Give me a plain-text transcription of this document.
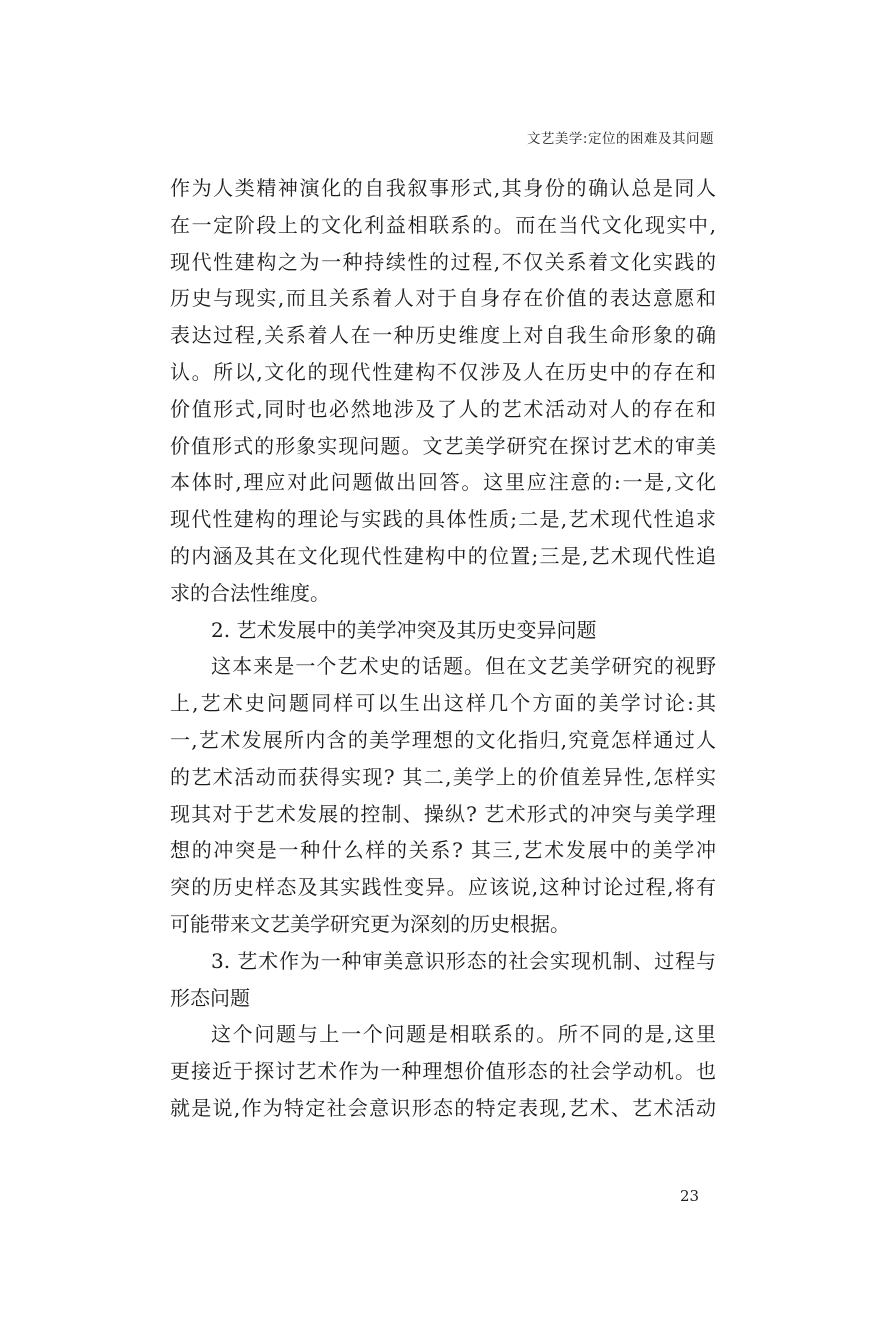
文艺美学:定位的困难及其问题
作为人类精神演化的自我叙事形式,其身份的确认总是同人
在一定阶段上的文化利益相联系的。而在当代文化现实中,
现代性建构之为一种持续性的过程,不仅关系着文化实践的
历史与现实,而且关系着人对于自身存在价值的表达意愿和
表达过程,关系着人在一种历史维度上对自我生命形象的确
认。所以,文化的现代性建构不仅涉及人在历史中的存在和
价值形式,同时也必然地涉及了人的艺术活动对人的存在和
价值形式的形象实现问题。文艺美学研究在探讨艺术的审美
本体时,理应对此问题做出回答。这里应注意的:一是,文化
现代性建构的理论与实践的具体性质;二是,艺术现代性追求
的内涵及其在文化现代性建构中的位置;三是,艺术现代性追
求的合法性维度。
2. 艺术发展中的美学冲突及其历史变异问题
这本来是一个艺术史的话题。但在文艺美学研究的视野
上,艺术史问题同样可以生出这样几个方面的美学讨论:其
一,艺术发展所内含的美学理想的文化指归,究竟怎样通过人
的艺术活动而获得实现? 其二,美学上的价值差异性,怎样实
现其对于艺术发展的控制、操纵? 艺术形式的冲突与美学理
想的冲突是一种什么样的关系? 其三,艺术发展中的美学冲
突的历史样态及其实践性变异。应该说,这种讨论过程,将有
可能带来文艺美学研究更为深刻的历史根据。
3. 艺术作为一种审美意识形态的社会实现机制、过程与
形态问题
这个问题与上一个问题是相联系的。所不同的是,这里
更接近于探讨艺术作为一种理想价值形态的社会学动机。也
就是说,作为特定社会意识形态的特定表现,艺术、艺术活动
23
